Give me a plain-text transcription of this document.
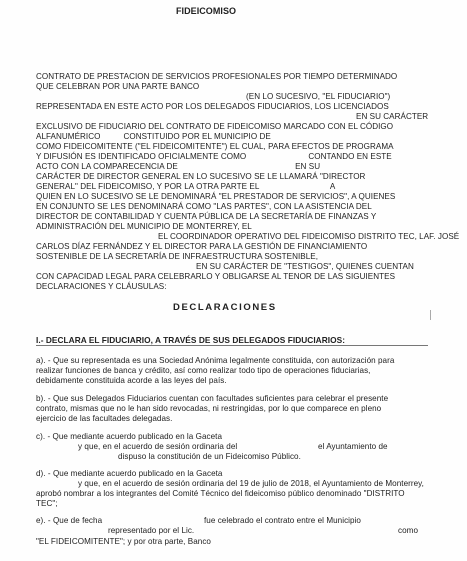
FIDEICOMISO
CONTRATO DE PRESTACION DE SERVICIOS PROFESIONALES POR TIEMPO DETERMINADO
QUE CELEBRAN POR UNA PARTE BANCO
(EN LO SUCESIVO, "EL FIDUCIARIO")
REPRESENTADA EN ESTE ACTO POR LOS DELEGADOS FIDUCIARIOS, LOS LICENCIADOS
EN SU CARÁCTER
EXCLUSIVO DE FIDUCIARIO DEL CONTRATO DE FIDEICOMISO MARCADO CON EL CÓDIGO
ALFANUMÉRICO          CONSTITUIDO POR EL MUNICIPIO DE
COMO FIDEICOMITENTE ("EL FIDEICOMITENTE") EL CUAL, PARA EFECTOS DE PROGRAMA
Y DIFUSIÓN ES IDENTIFICADO OFICIALMENTE COMO                           CONTANDO EN ESTE
ACTO CON LA COMPARECENCIA DE                                                   EN SU
CARÁCTER DE DIRECTOR GENERAL EN LO SUCESIVO SE LE LLAMARÁ "DIRECTOR
GENERAL" DEL FIDEICOMISO, Y POR LA OTRA PARTE EL                               A
QUIEN EN LO SUCESIVO SE LE DENOMINARÁ "EL PRESTADOR DE SERVICIOS", A QUIENES
EN CONJUNTO SE LES DENOMINARÁ COMO "LAS PARTES", CON LA ASISTENCIA DEL
DIRECTOR DE CONTABILIDAD Y CUENTA PÚBLICA DE LA SECRETARÍA DE FINANZAS Y
ADMINISTRACIÓN DEL MUNICIPIO DE MONTERREY, EL
EL COORDINADOR OPERATIVO DEL FIDEICOMISO DISTRITO TEC, LAF. JOSÉ
CARLOS DÍAZ FERNÁNDEZ Y EL DIRECTOR PARA LA GESTIÓN DE FINANCIAMIENTO
SOSTENIBLE DE LA SECRETARÍA DE INFRAESTRUCTURA SOSTENIBLE,
EN SU CARÁCTER DE "TESTIGOS", QUIENES CUENTAN
CON CAPACIDAD LEGAL PARA CELEBRARLO Y OBLIGARSE AL TENOR DE LAS SIGUIENTES
DECLARACIONES Y CLÁUSULAS:
DECLARACIONES
I.- DECLARA EL FIDUCIARIO, A TRAVÉS DE SUS DELEGADOS FIDUCIARIOS:
a). - Que su representada es una Sociedad Anónima legalmente constituida, con autorización para
realizar funciones de banca y crédito, así como realizar todo tipo de operaciones fiduciarias,
debidamente constituida acorde a las leyes del país.
b). - Que sus Delegados Fiduciarios cuentan con facultades suficientes para celebrar el presente
contrato, mismas que no le han sido revocadas, ni restringidas, por lo que comparece en pleno
ejercicio de las facultades delegadas.
c). - Que mediante acuerdo publicado en la Gaceta
y que, en el acuerdo de sesión ordinaria del	el Ayuntamiento de
dispuso la constitución de un Fideicomiso Público.
d). - Que mediante acuerdo publicado en la Gaceta
y que, en el acuerdo de sesión ordinaria del 19 de julio de 2018, el Ayuntamiento de Monterrey,
aprobó nombrar a los integrantes del Comité Técnico del fideicomiso público denominado "DISTRITO
TEC";
e). - Que de fecha	fue celebrado el contrato entre el Municipio
representado por el Lic.	como
"EL FIDEICOMITENTE"; y por otra parte, Banco
